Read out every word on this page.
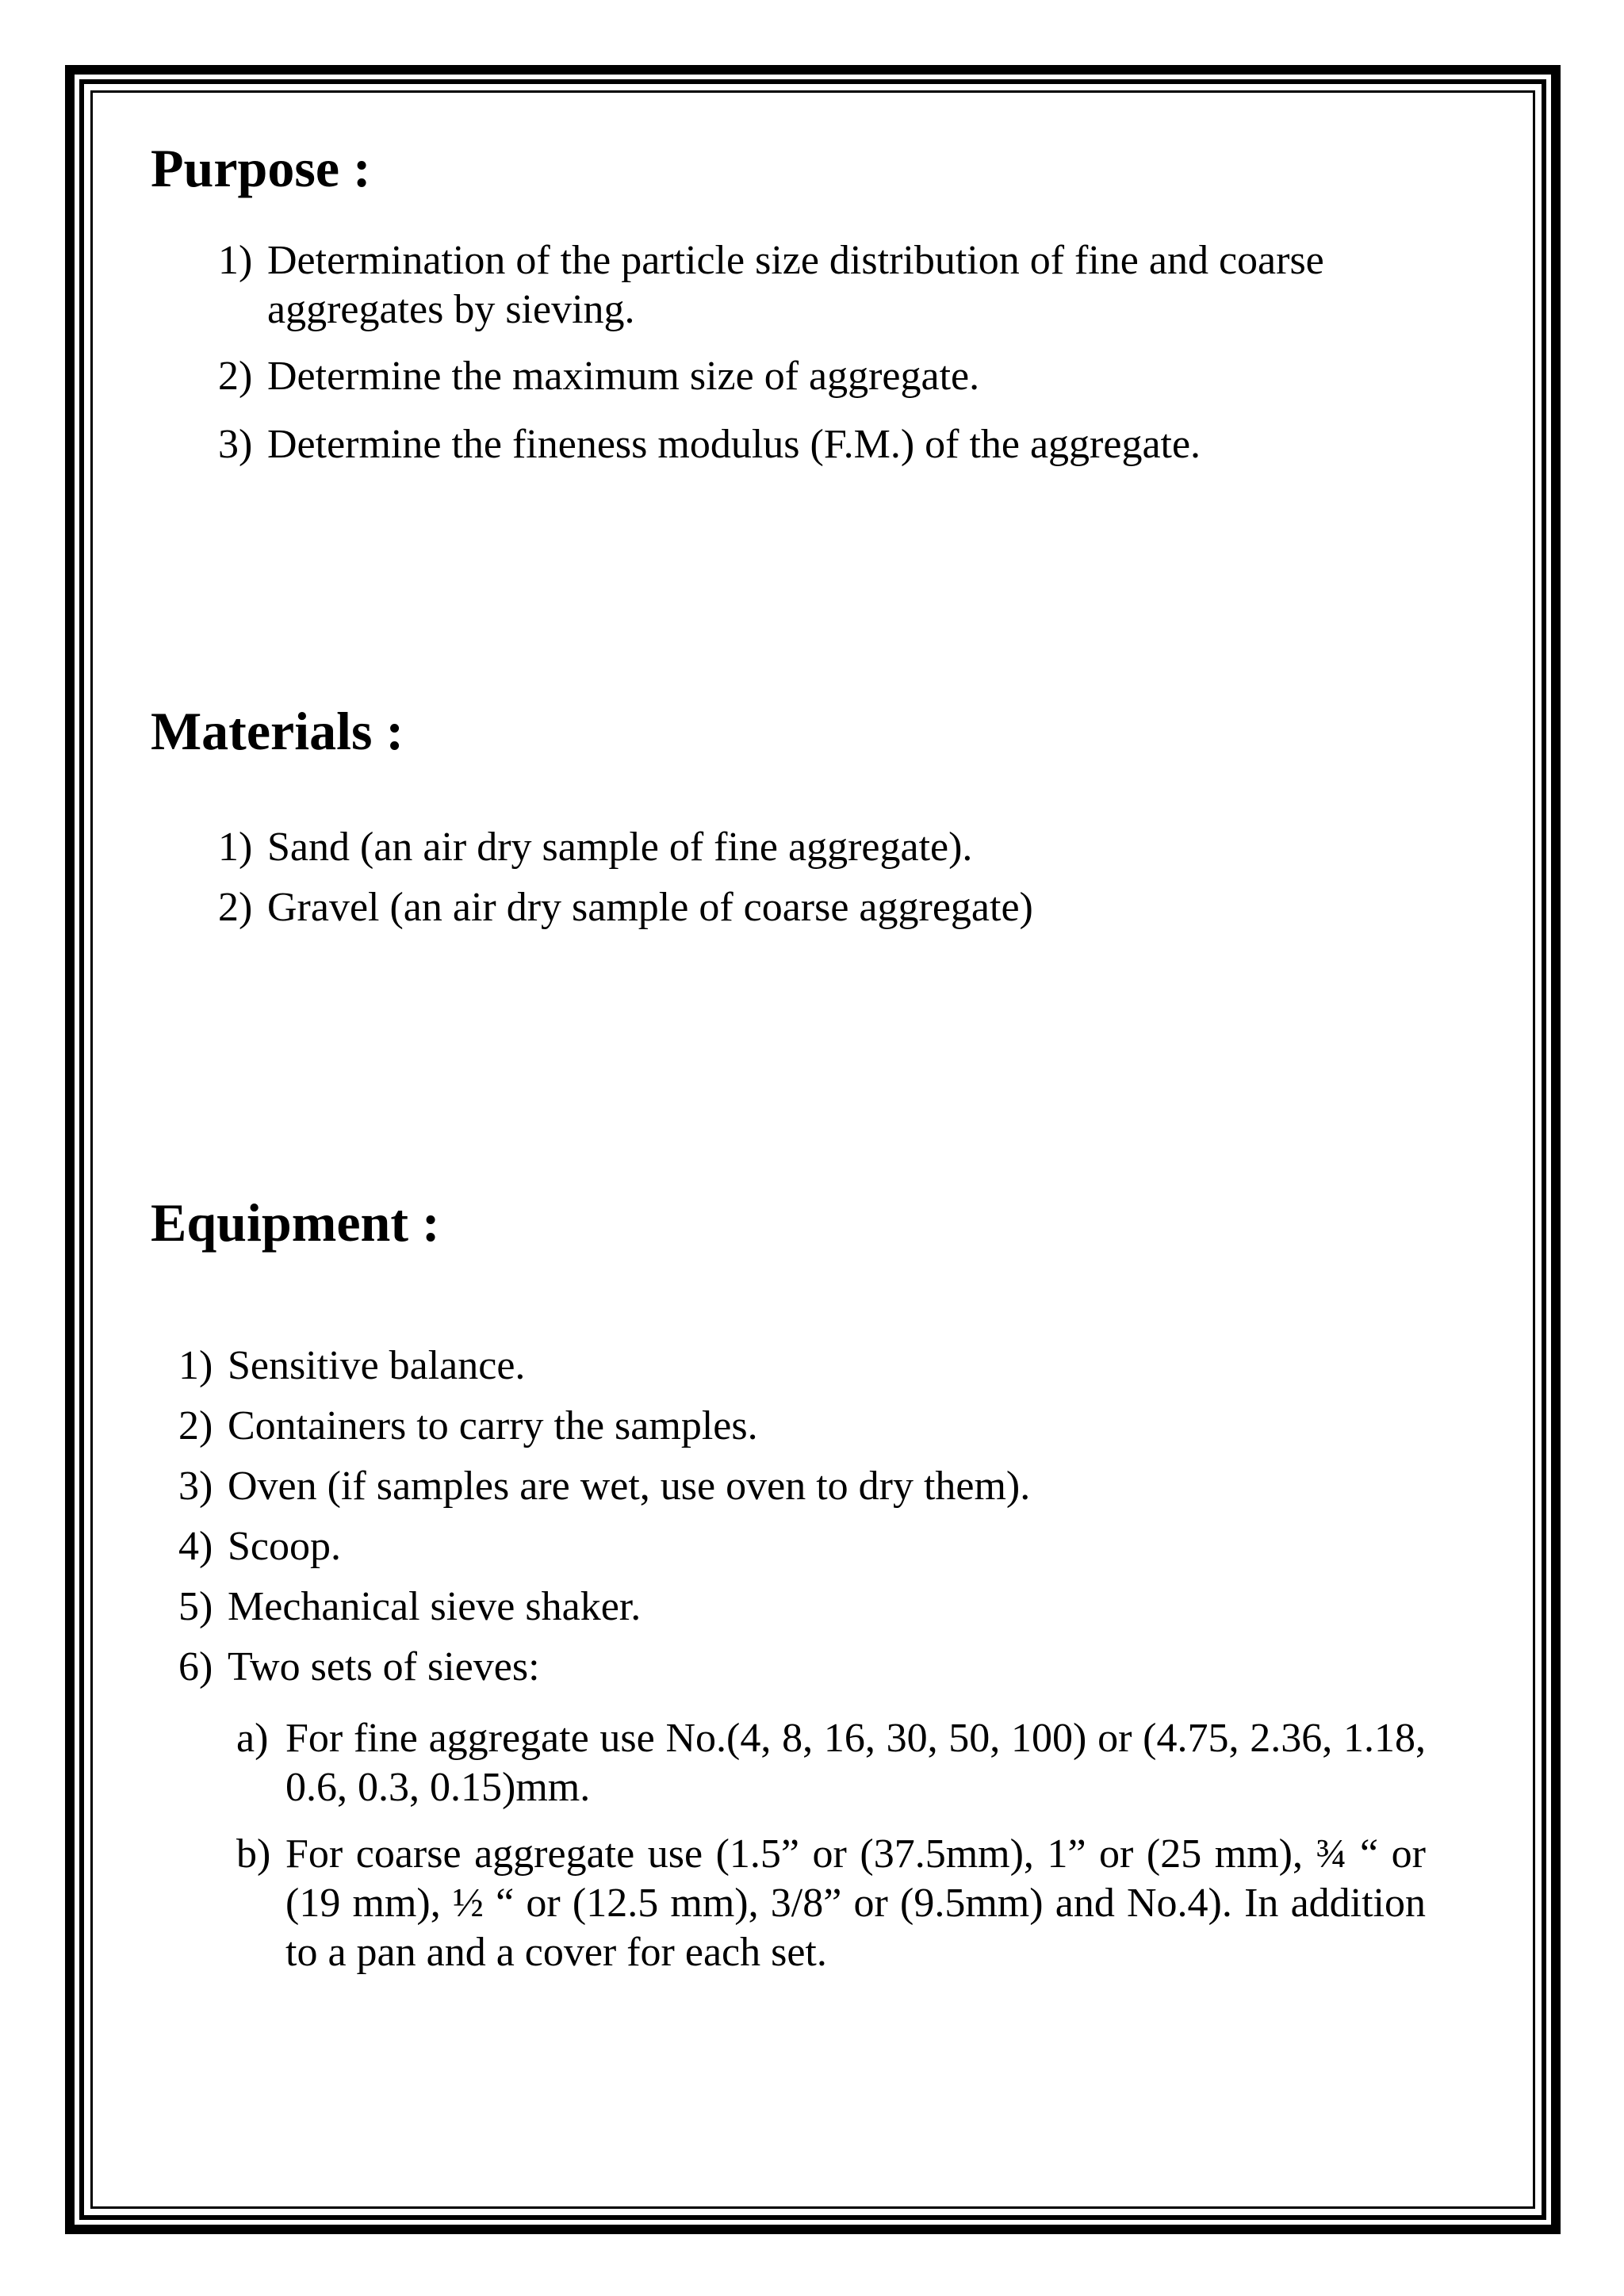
Purpose :
1) Determination of the particle size distribution of fine and coarse aggregates by sieving.
2) Determine the maximum size of aggregate.
3) Determine the fineness modulus (F.M.) of the aggregate.
Materials :
1) Sand (an air dry sample of fine aggregate).
2) Gravel (an air dry sample of coarse aggregate)
Equipment :
1) Sensitive balance.
2) Containers to carry the samples.
3) Oven (if samples are wet, use oven to dry them).
4) Scoop.
5) Mechanical sieve shaker.
6) Two sets of sieves:
a) For fine aggregate use No.(4, 8, 16, 30, 50, 100) or (4.75, 2.36, 1.18, 0.6, 0.3, 0.15)mm.
b) For coarse aggregate use (1.5” or (37.5mm), 1” or (25 mm), ¾ “ or (19 mm), ½ “ or (12.5 mm), 3/8” or (9.5mm) and No.4). In addition to a pan and a cover for each set.
